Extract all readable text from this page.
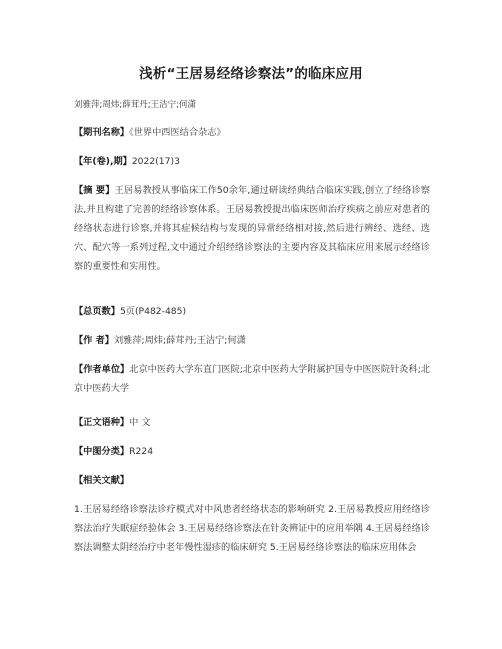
浅析“王居易经络诊察法”的临床应用
刘雅萍;周炜;薛茸丹;王洁宁;何潇
【期刊名称】《世界中西医结合杂志》
【年(卷),期】2022(17)3
【摘 要】王居易教授从事临床工作50余年,通过研读经典结合临床实践,创立了经络诊察法,并且构建了完善的经络诊察体系。王居易教授提出临床医师治疗疾病之前应对患者的经络状态进行诊察,并将其症候结构与发现的异常经络相对接,然后进行辨经、选经、选穴、配穴等一系列过程,文中通过介绍经络诊察法的主要内容及其临床应用来展示经络诊察的重要性和实用性。
【总页数】5页(P482-485)
【作 者】刘雅萍;周炜;薛茸丹;王洁宁;何潇
【作者单位】北京中医药大学东直门医院;北京中医药大学附属护国寺中医医院针灸科;北京中医药大学
【正文语种】中 文
【中图分类】R224
【相关文献】
1.王居易经络诊察法诊疗模式对中风患者经络状态的影响研究 2.王居易教授应用经络诊察法治疗失眠症经验体会 3.王居易经络诊察法在针灸辨证中的应用举隅 4.王居易经络诊察法调整太阴经治疗中老年慢性湿疹的临床研究 5.王居易经络诊察法的临床应用体会
